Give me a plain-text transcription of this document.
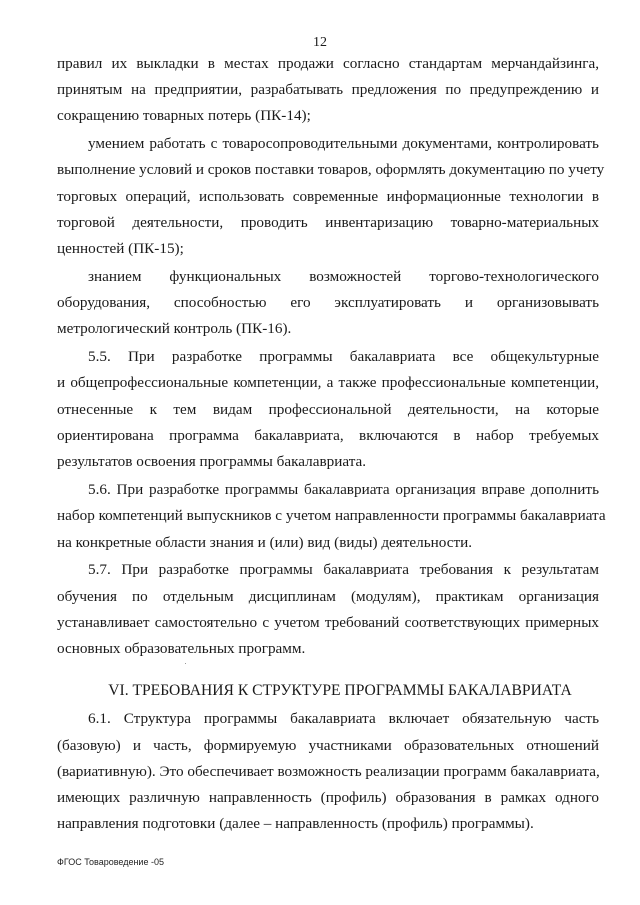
12
правил их выкладки в местах продажи согласно стандартам мерчандайзинга,
принятым на предприятии, разрабатывать предложения по предупреждению и
сокращению товарных потерь (ПК-14);
умением работать с товаросопроводительными документами, контролировать
выполнение условий и сроков поставки товаров, оформлять документацию по учету
торговых операций, использовать современные информационные технологии в
торговой деятельности, проводить инвентаризацию товарно-материальных
ценностей (ПК-15);
знанием функциональных возможностей торгово-технологического
оборудования, способностью его эксплуатировать и организовывать
метрологический контроль (ПК-16).
5.5. При разработке программы бакалавриата все общекультурные
и общепрофессиональные компетенции, а также профессиональные компетенции,
отнесенные к тем видам профессиональной деятельности, на которые
ориентирована программа бакалавриата, включаются в набор требуемых
результатов освоения программы бакалавриата.
5.6. При разработке программы бакалавриата организация вправе дополнить
набор компетенций выпускников с учетом направленности программы бакалавриата
на конкретные области знания и (или) вид (виды) деятельности.
5.7. При разработке программы бакалавриата требования к результатам
обучения по отдельным дисциплинам (модулям), практикам организация
устанавливает самостоятельно с учетом требований соответствующих примерных
основных образовательных программ.
6.1. Структура программы бакалавриата включает обязательную часть
(базовую) и часть, формируемую участниками образовательных отношений
(вариативную). Это обеспечивает возможность реализации программ бакалавриата,
имеющих различную направленность (профиль) образования в рамках одного
направления подготовки (далее – направленность (профиль) программы).
VI. ТРЕБОВАНИЯ К СТРУКТУРЕ ПРОГРАММЫ БАКАЛАВРИАТА
ФГОС Товароведение -05
